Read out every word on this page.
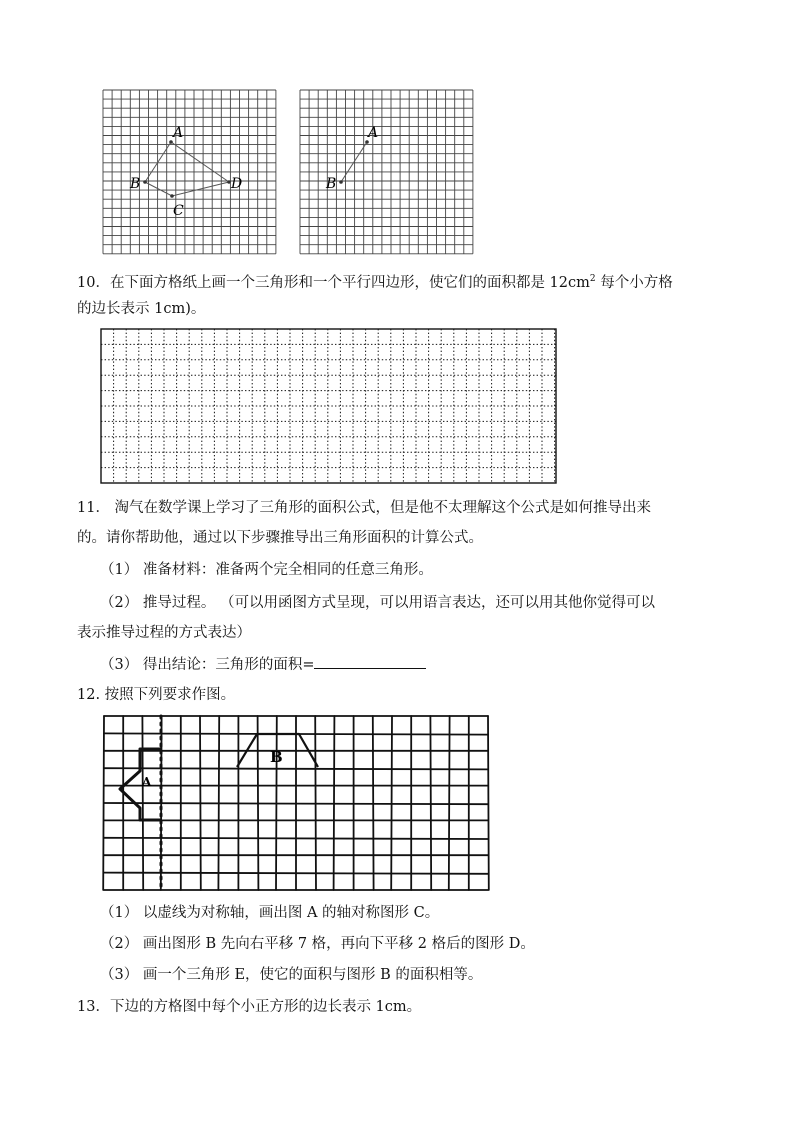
A
B
C
D
A
B
10．在下面方格纸上画一个三角形和一个平行四边形，使它们的面积都是 $12cm^2$ 每个小方格
的边长表示 1cm)。
11． 淘气在数学课上学习了三角形的面积公式，但是他不太理解这个公式是如何推导出来
的。请你帮助他，通过以下步骤推导出三角形面积的计算公式。
（1） 准备材料：准备两个完全相同的任意三角形。
（2） 推导过程。 （可以用函图方式呈现，可以用语言表达，还可以用其他你觉得可以
表示推导过程的方式表达）
（3） 得出结论：三角形的面积=
12. 按照下列要求作图。
A
B
（1） 以虚线为对称轴，画出图 A 的轴对称图形 C。
（2） 画出图形 B 先向右平移 7 格，再向下平移 2 格后的图形 D。
（3） 画一个三角形 E，使它的面积与图形 B 的面积相等。
13．下边的方格图中每个小正方形的边长表示 1cm。
